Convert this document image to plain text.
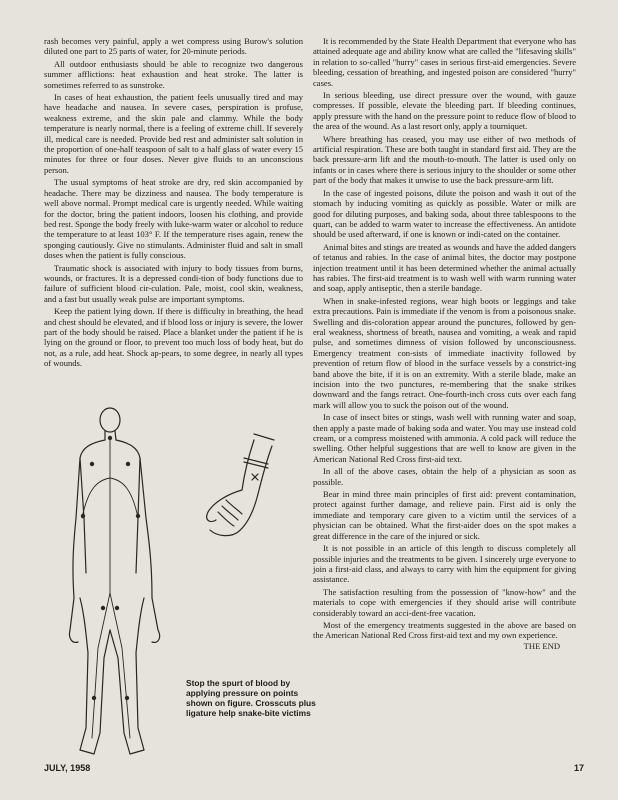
rash becomes very painful, apply a wet compress using Burow's solution diluted one part to 25 parts of water, for 20-minute periods.

All outdoor enthusiasts should be able to recognize two dangerous summer afflictions: heat exhaustion and heat stroke. The latter is sometimes referred to as sunstroke.

In cases of heat exhaustion, the patient feels unusually tired and may have headache and nausea. In severe cases, perspiration is profuse, weakness extreme, and the skin pale and clammy. While the body temperature is nearly normal, there is a feeling of extreme chill. If severely ill, medical care is needed. Provide bed rest and administer salt solution in the proportion of one-half teaspoon of salt to a half glass of water every 15 minutes for three or four doses. Never give fluids to an unconscious person.

The usual symptoms of heat stroke are dry, red skin accompanied by headache. There may be dizziness and nausea. The body temperature is well above normal. Prompt medical care is urgently needed. While waiting for the doctor, bring the patient indoors, loosen his clothing, and provide bed rest. Sponge the body freely with luke-warm water or alcohol to reduce the temperature to at least 103° F. If the temperature rises again, renew the sponging cautiously. Give no stimulants. Administer fluid and salt in small doses when the patient is fully conscious.

Traumatic shock is associated with injury to body tissues from burns, wounds, or fractures. It is a depressed condi-tion of body functions due to failure of sufficient blood cir-culation. Pale, moist, cool skin, weakness, and a fast but usually weak pulse are important symptoms.

Keep the patient lying down. If there is difficulty in breathing, the head and chest should be elevated, and if blood loss or injury is severe, the lower part of the body should be raised. Place a blanket under the patient if he is lying on the ground or floor, to prevent too much loss of body heat, but do not, as a rule, add heat. Shock ap-pears, to some degree, in nearly all types of wounds.

It is recommended by the State Health Department that everyone who has attained adequate age and ability know what are called the "lifesaving skills" in relation to so-called "hurry" cases in serious first-aid emergencies. Severe bleeding, cessation of breathing, and ingested poison are considered "hurry" cases.

In serious bleeding, use direct pressure over the wound, with gauze compresses. If possible, elevate the bleeding part. If bleeding continues, apply pressure with the hand on the pressure point to reduce flow of blood to the area of the wound. As a last resort only, apply a tourniquet.

Where breathing has ceased, you may use either of two methods of artificial respiration. These are both taught in standard first aid. They are the back pressure-arm lift and the mouth-to-mouth. The latter is used only on infants or in cases where there is serious injury to the shoulder or some other part of the body that makes it unwise to use the back pressure-arm lift.

In the case of ingested poisons, dilute the poison and wash it out of the stomach by inducing vomiting as quickly as possible. Water or milk are good for diluting purposes, and baking soda, about three tablespoons to the quart, can be added to warm water to increase the effectiveness. An antidote should be used afterward, if one is known or indi-cated on the container.

Animal bites and stings are treated as wounds and have the added dangers of tetanus and rabies. In the case of animal bites, the doctor may postpone injection treatment until it has been determined whether the animal actually has rabies. The first-aid treatment is to wash well with warm running water and soap, apply antiseptic, then a sterile bandage.

When in snake-infested regions, wear high boots or leggings and take extra precautions. Pain is immediate if the venom is from a poisonous snake. Swelling and dis-coloration appear around the punctures, followed by gen-eral weakness, shortness of breath, nausea and vomiting, a weak and rapid pulse, and sometimes dimness of vision followed by unconsciousness. Emergency treatment con-sists of immediate inactivity followed by prevention of return flow of blood in the surface vessels by a constrict-ing band above the bite, if it is on an extremity. With a sterile blade, make an incision into the two punctures, re-membering that the snake strikes downward and the fangs retract. One-fourth-inch cross cuts over each fang mark will allow you to suck the poison out of the wound.

In case of insect bites or stings, wash well with running water and soap, then apply a paste made of baking soda and water. You may use instead cold cream, or a compress moistened with ammonia. A cold pack will reduce the swelling. Other helpful suggestions that are well to know are given in the American National Red Cross first-aid text.

In all of the above cases, obtain the help of a physician as soon as possible.

Bear in mind three main principles of first aid: prevent contamination, protect against further damage, and relieve pain. First aid is only the immediate and temporary care given to a victim until the services of a physician can be obtained. What the first-aider does on the spot makes a great difference in the care of the injured or sick.

It is not possible in an article of this length to discuss completely all possible injuries and the treatments to be given. I sincerely urge everyone to join a first-aid class, and always to carry with him the equipment for giving assistance.

The satisfaction resulting from the possession of "know-how" and the materials to cope with emergencies if they should arise will contribute considerably toward an acci-dent-free vacation.

Most of the emergency treatments suggested in the above are based on the American National Red Cross first-aid text and my own experience.
THE END

Stop the spurt of blood by applying pressure on points shown on figure. Crosscuts plus ligature help snake-bite victims
JULY, 1958	17
